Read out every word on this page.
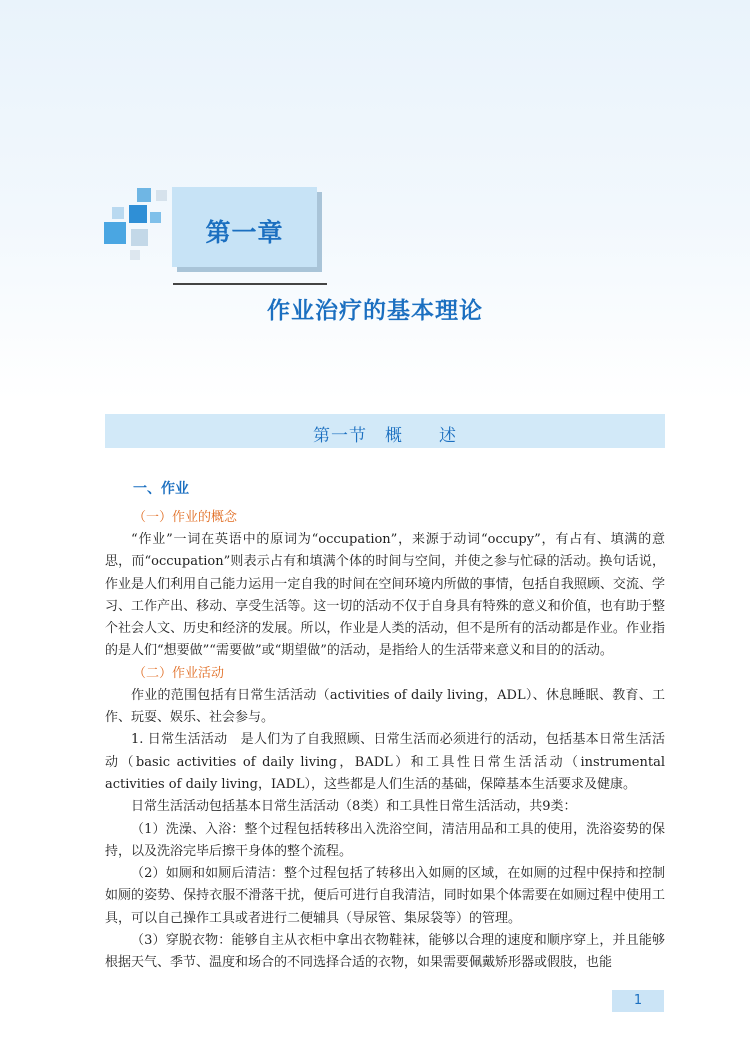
第一章
作业治疗的基本理论
第一节　概　　述
一、作业
（一）作业的概念

“作业”一词在英语中的原词为“occupation”，来源于动词“occupy”，有占有、填满的意思，而“occupation”则表示占有和填满个体的时间与空间，并使之参与忙碌的活动。换句话说，作业是人们利用自己能力运用一定自我的时间在空间环境内所做的事情，包括自我照顾、交流、学习、工作产出、移动、享受生活等。这一切的活动不仅于自身具有特殊的意义和价值，也有助于整个社会人文、历史和经济的发展。所以，作业是人类的活动，但不是所有的活动都是作业。作业指的是人们“想要做”“需要做”或“期望做”的活动，是指给人的生活带来意义和目的的活动。

（二）作业活动

作业的范围包括有日常生活活动（activities of daily living，ADL）、休息睡眠、教育、工作、玩耍、娱乐、社会参与。

1. 日常生活活动　是人们为了自我照顾、日常生活而必须进行的活动，包括基本日常生活活动（basic activities of daily living，BADL）和工具性日常生活活动（instrumental activities of daily living，IADL），这些都是人们生活的基础，保障基本生活要求及健康。

日常生活活动包括基本日常生活活动（8类）和工具性日常生活活动，共9类：

（1）洗澡、入浴：整个过程包括转移出入洗浴空间，清洁用品和工具的使用，洗浴姿势的保持，以及洗浴完毕后擦干身体的整个流程。

（2）如厕和如厕后清洁：整个过程包括了转移出入如厕的区域，在如厕的过程中保持和控制如厕的姿势、保持衣服不滑落干扰，便后可进行自我清洁，同时如果个体需要在如厕过程中使用工具，可以自己操作工具或者进行二便辅具（导尿管、集尿袋等）的管理。

（3）穿脱衣物：能够自主从衣柜中拿出衣物鞋袜，能够以合理的速度和顺序穿上，并且能够根据天气、季节、温度和场合的不同选择合适的衣物，如果需要佩戴矫形器或假肢，也能

1
